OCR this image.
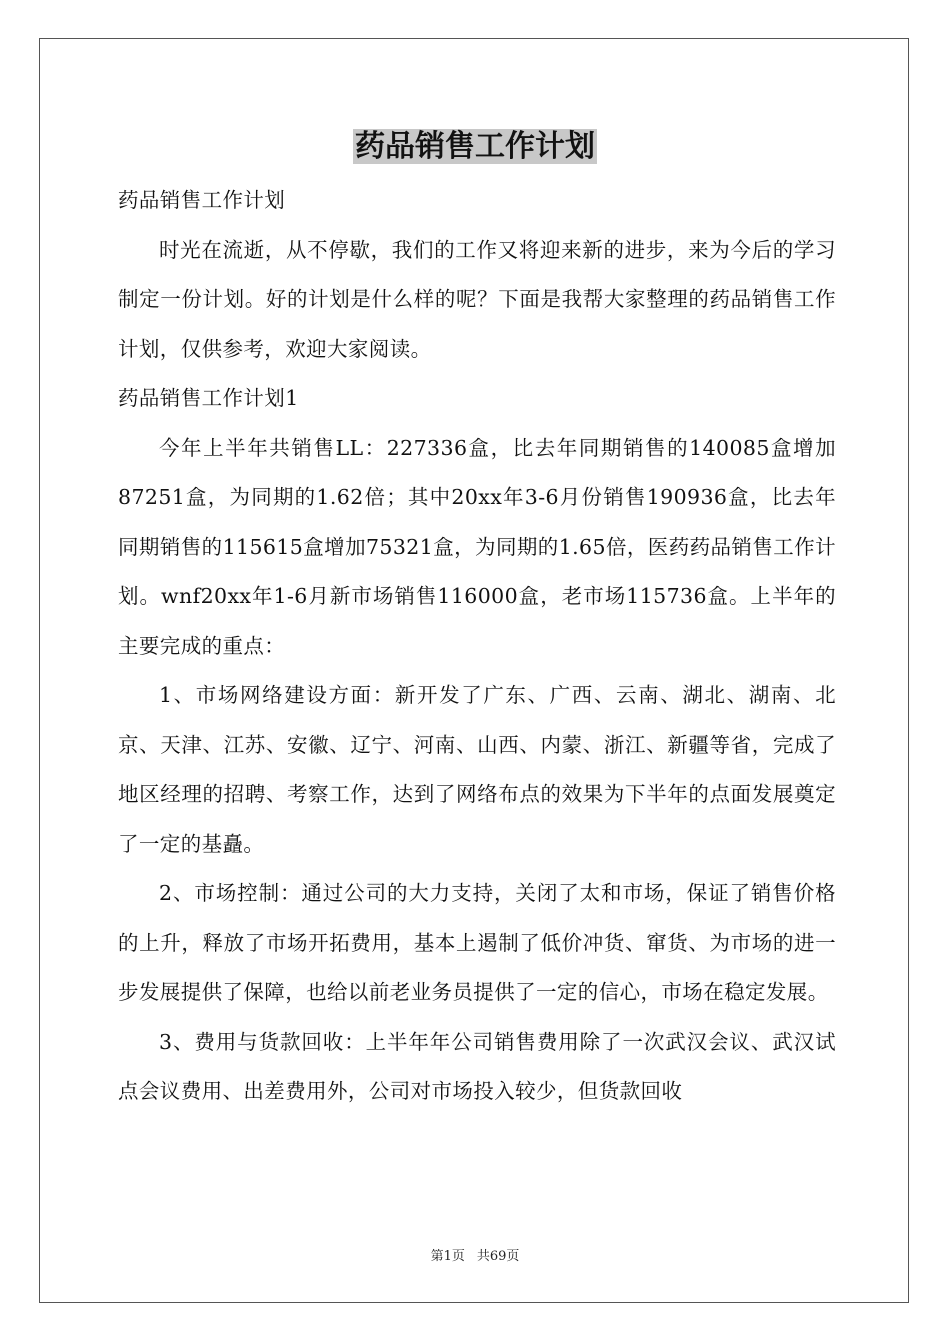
药品销售工作计划

药品销售工作计划

时光在流逝，从不停歇，我们的工作又将迎来新的进步，来为今后的学习制定一份计划。好的计划是什么样的呢？下面是我帮大家整理的药品销售工作计划，仅供参考，欢迎大家阅读。

药品销售工作计划1

今年上半年共销售LL：227336盒，比去年同期销售的140085盒增加87251盒，为同期的1.62倍；其中20xx年3-6月份销售190936盒，比去年同期销售的115615盒增加75321盒，为同期的1.65倍，医药药品销售工作计划。wnf20xx年1-6月新市场销售116000盒，老市场115736盒。上半年的主要完成的重点：

1、市场网络建设方面：新开发了广东、广西、云南、湖北、湖南、北京、天津、江苏、安徽、辽宁、河南、山西、内蒙、浙江、新疆等省，完成了地区经理的招聘、考察工作，达到了网络布点的效果为下半年的点面发展奠定了一定的基矗。

2、市场控制：通过公司的大力支持，关闭了太和市场，保证了销售价格的上升，释放了市场开拓费用，基本上遏制了低价冲货、窜货、为市场的进一步发展提供了保障，也给以前老业务员提供了一定的信心，市场在稳定发展。

3、费用与货款回收：上半年年公司销售费用除了一次武汉会议、武汉试点会议费用、出差费用外，公司对市场投入较少，但货款回收

第1页 共69页
